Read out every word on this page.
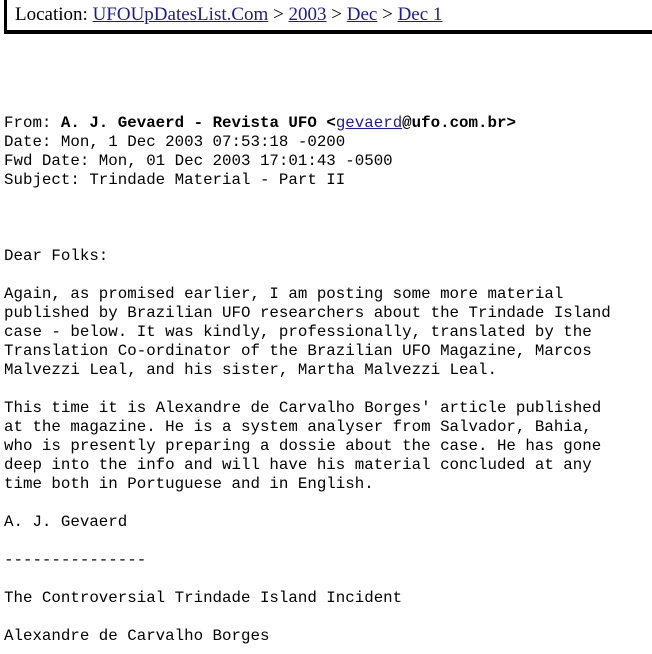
Location: UFOUpDatesList.Com > 2003 > Dec > Dec 1
From: A. J. Gevaerd - Revista UFO <gevaerd@ufo.com.br>
Date: Mon, 1 Dec 2003 07:53:18 -0200
Fwd Date: Mon, 01 Dec 2003 17:01:43 -0500
Subject: Trindade Material - Part II

Dear Folks:

Again, as promised earlier, I am posting some more material
published by Brazilian UFO researchers about the Trindade Island
case - below. It was kindly, professionally, translated by the
Translation Co-ordinator of the Brazilian UFO Magazine, Marcos
Malvezzi Leal, and his sister, Martha Malvezzi Leal.

This time it is Alexandre de Carvalho Borges' article published
at the magazine. He is a system analyser from Salvador, Bahia,
who is presently preparing a dossie about the case. He has gone
deep into the info and will have his material concluded at any
time both in Portuguese and in English.

A. J. Gevaerd

---------------

The Controversial Trindade Island Incident

Alexandre de Carvalho Borges
